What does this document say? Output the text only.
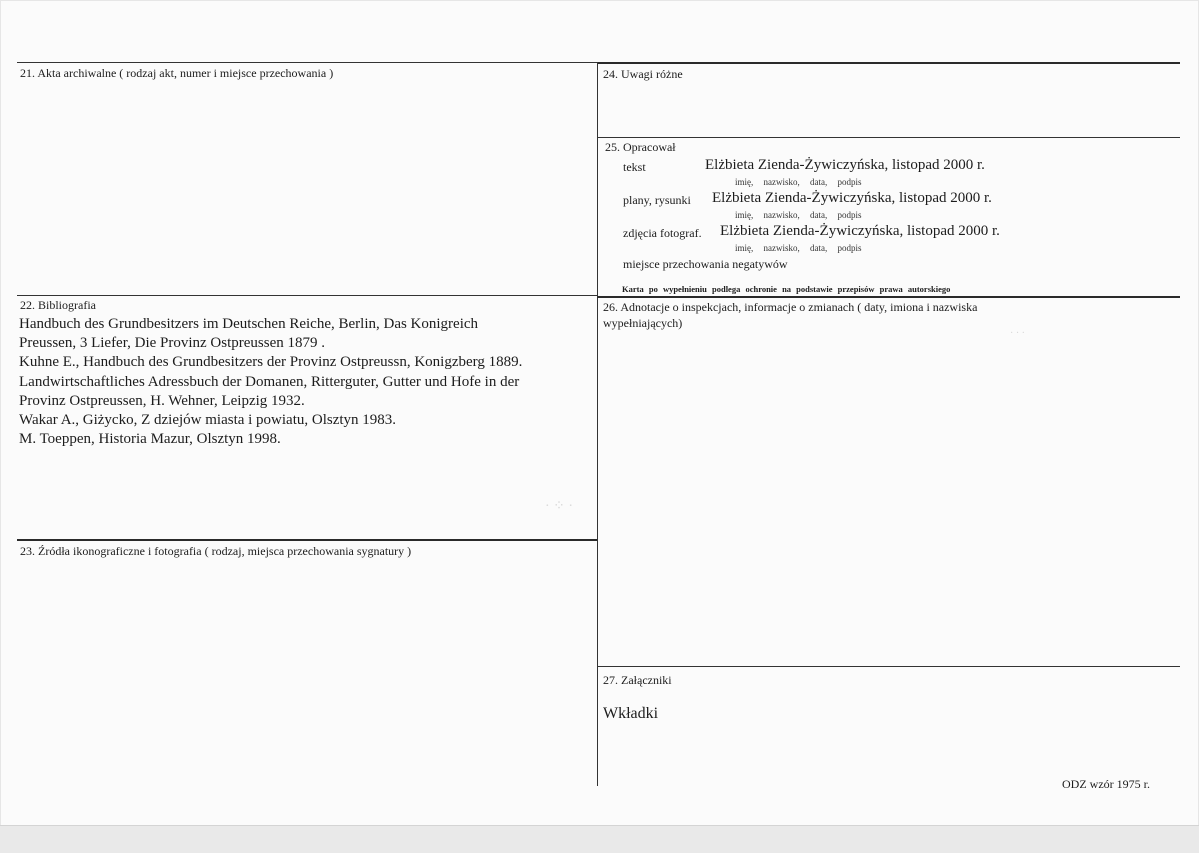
21. Akta archiwalne ( rodzaj akt, numer i miejsce przechowania )
22. Bibliografia
Handbuch des Grundbesitzers im Deutschen Reiche, Berlin, Das Konigreich
Preussen, 3 Liefer, Die Provinz Ostpreussen 1879 .
Kuhne E., Handbuch des Grundbesitzers der Provinz Ostpreussn, Konigzberg 1889.
Landwirtschaftliches Adressbuch der Domanen, Ritterguter, Gutter und Hofe in der
Provinz Ostpreussen, H. Wehner, Leipzig 1932.
Wakar A., Giżycko, Z dziejów miasta i powiatu, Olsztyn 1983.
M. Toeppen, Historia Mazur, Olsztyn 1998.
23. Źródła ikonograficzne i fotografia ( rodzaj, miejsca przechowania sygnatury )
24. Uwagi różne
25. Opracował
tekst	Elżbieta Zienda-Żywiczyńska, listopad 2000 r.
imię, nazwisko, data, podpis
plany, rysunki Elżbieta Zienda-Żywiczyńska, listopad 2000 r.
imię, nazwisko, data, podpis
zdjęcia fotograf. Elżbieta Zienda-Żywiczyńska, listopad 2000 r.
imię, nazwisko, data, podpis
miejsce przechowania negatywów
Karta po wypełnieniu podlega ochronie na podstawie przepisów prawa autorskiego
26. Adnotacje o inspekcjach, informacje o zmianach ( daty, imiona i nazwiska
wypełniających)
· · ·
· ⁘ ·
27. Załączniki
Wkładki
ODZ wzór 1975 r.
